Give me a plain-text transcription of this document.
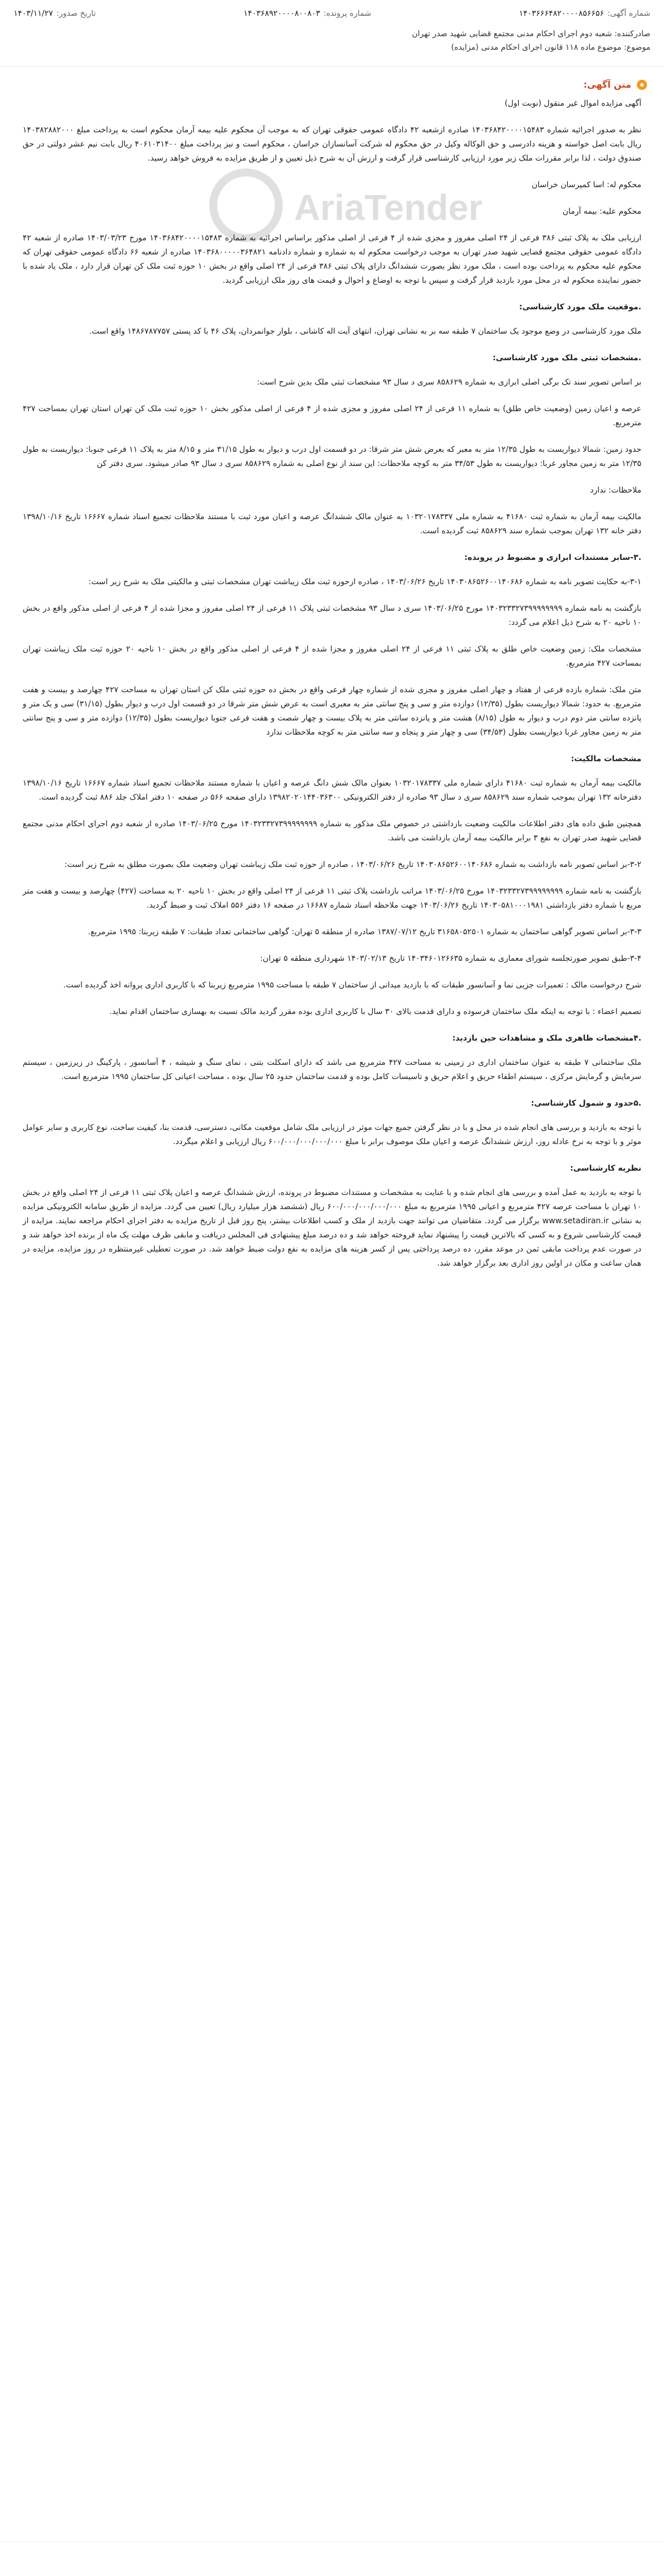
شماره آگهی:
۱۴۰۳۶۶۶۴۸۲۰۰۰۰۸۵۶۶۵۶
شماره پرونده:
۱۴۰۳۶۸۹۲۰۰۰۰۸۰۰۸۰۳
تاریخ صدور:
۱۴۰۳/۱۱/۲۷
صادرکننده: شعبه دوم اجرای احکام مدنی مجتمع قضایی شهید صدر تهران
موضوع: موضوع ماده ۱۱۸ قانون اجرای احکام مدنی (مزایده)
متن آگهی:
AriaTender

آگهی مزایده اموال غیر منقول (نوبت اول)

نظر به صدور اجرائیه شماره ۱۴۰۳۶۸۴۲۰۰۰۰۱۵۴۸۳ صادره ازشعبه ۴۲ دادگاه عمومی حقوقی تهران که به موجب آن محکوم علیه بیمه آرمان محکوم است به پرداخت مبلغ ۱۴۰۳۸۲۸۸۲۰۰۰ ریال بابت اصل خواسته و هزینه دادرسی و حق الوکاله وکیل در حق محکوم له شرکت آسانسازان خراسان ، محکوم است و نیز پرداخت مبلغ ۴۰۶۱۰۳۱۴۰۰ ریال بابت نیم عشر دولتی در حق صندوق دولت ، لذا برابر مقررات ملک زیر مورد ارزیابی کارشناسی قرار گرفت و ارزش آن به شرح ذیل تعیین و از طریق مزایده به فروش خواهد رسید.

محکوم له: اسا کمپرسان خراسان

محکوم علیه: بیمه آرمان

ارزیابی ملک به پلاک ثبتی ۳۸۶ فرعی از ۲۴ اصلی مفروز و مجزی شده از ۴ فرعی از اصلی مذکور براساس اجرائیه به شماره ۱۴۰۳۶۸۴۲۰۰۰۰۱۵۴۸۳ مورخ ۱۴۰۳/۰۳/۲۳ صادره از شعبه ۴۲ دادگاه عمومی حقوقی مجتمع قضایی شهید صدر تهران به موجب درخواست محکوم له به شماره و شماره دادنامه ۱۴۰۳۶۸۰۰۰۰۰۳۶۴۸۲۱ صادره از شعبه ۶۶ دادگاه عمومی حقوقی تهران که محکوم علیه محکوم به پرداخت بوده است ، ملک مورد نظر بصورت ششدانگ دارای پلاک ثبتی ۳۸۶ فرعی از ۲۴ اصلی واقع در بخش ۱۰ حوزه ثبت ملک کن تهران قرار دارد ، ملک یاد شده با حضور نماینده محکوم له در محل مورد بازدید قرار گرفت و سپس با توجه به اوضاع و احوال و قیمت های روز ملک ارزیابی گردید.

.موقعیت ملک مورد کارشناسی:

ملک مورد کارشناسی در وضع موجود یک ساختمان ۷ طبقه سه بر به نشانی تهران، انتهای آیت اله کاشانی ، بلوار جوانمردان، پلاک ۴۶ با کد پستی ۱۴۸۶۷۸۷۷۵۷ واقع است.

.مشخصات ثبتی ملک مورد کارشناسی:

بر اساس تصویر سند تک برگی اصلی ابرازی به شماره ۸۵۸۶۲۹ سری د سال ۹۳ مشخصات ثبتی ملک بدین شرح است:

عرصه و اعیان زمین (وضعیت خاص طلق) به شماره ۱۱ فرعی از ۲۴ اصلی مفروز و مجزی شده از ۴ فرعی از اصلی مذکور بخش ۱۰ حوزه ثبت ملک کن تهران استان تهران بمساحت ۴۲۷ مترمربع.

حدود زمین: شمالا دیواریست به طول ۱۲/۳۵ متر به معبر که بعرض شش متر شرقا: در دو قسمت اول درب و دیوار به طول ۳۱/۱۵ متر و ۸/۱۵ متر به پلاک ۱۱ فرعی جنوبا: دیواریست به طول ۱۲/۳۵ متر به زمین مجاور غربا: دیواریست به طول ۳۴/۵۳ متر به کوچه ملاحظات: این سند از نوع اصلی به شماره ۸۵۸۶۲۹ سری د سال ۹۳ صادر میشود. سری دفتر کن

ملاحظات: ندارد

مالکیت بیمه آرمان به شماره ثبت ۴۱۶۸۰ به شماره ملی ۱۰۳۲۰۱۷۸۳۳۷ به عنوان مالک ششدانگ عرصه و اعیان مورد ثبت با مستند ملاحظات تجمیع اسناد شماره ۱۶۶۶۷ تاریخ ۱۳۹۸/۱۰/۱۶ دفتر خانه ۱۳۲ تهران بموجب شماره سند ۸۵۸۶۲۹ ثبت گردیده است.

.۳-سابر مستندات ابرازی و مضبوط در پرونده:

۳-۱-به حکایت تصویر نامه به شماره ۱۴۰۳۰۸۶۵۲۶۰۰۱۴۰۶۸۶ تاریخ ۱۴۰۳/۰۶/۲۶ ، صادره ازحوزه ثبت ملک زیباشت تهران مشخصات ثبتی و مالکیتی ملک به شرح زیر است:

بازگشت به نامه شماره ۱۴۰۳۲۳۳۲۷۳۹۹۹۹۹۹۹۹ مورخ ۱۴۰۳/۰۶/۲۵ سری د سال ۹۳ مشخصات ثبتی پلاک ۱۱ فرعی از ۲۴ اصلی مفروز و مجزا شده از ۴ فرعی از اصلی مذکور واقع در بخش ۱۰ ناحیه ۲۰ به شرح ذیل اعلام می گردد:

مشخصات ملک: زمین وضعیت خاص طلق به پلاک ثبتی ۱۱ فرعی از ۲۴ اصلی مفروز و مجزا شده از ۴ فرعی از اصلی مذکور واقع در بخش ۱۰ ناحیه ۲۰ حوزه ثبت ملک زیباشت تهران بمساحت ۴۲۷ مترمربع.

متن ملک: شماره بازده فرعی از هفتاد و چهار اصلی مفروز و مجزی شده از شماره چهار فرعی واقع در بخش ده حوزه ثبتی ملک کن استان تهران به مساحت ۴۲۷ چهارصد و بیست و هفت مترمربع. به حدود: شمالا دیواریست بطول (۱۲/۳۵) دوازده متر و سی و پنج سانتی متر به معبری است به عرض شش متر شرقا در دو قسمت اول درب و دیوار بطول (۳۱/۱۵) سی و یک متر و پانزده سانتی متر دوم درب و دیوار به طول (۸/۱۵) هشت متر و پانزده سانتی متر به پلاک بیست و چهار شصت و هفت فرعی جنوبا دیواریست بطول (۱۲/۳۵) دوازده متر و سی و پنج سانتی متر به زمین مجاور غربا دیواریست بطول (۳۴/۵۳) سی و چهار متر و پنجاه و سه سانتی متر به کوچه ملاحظات ندارد

مشخصات مالکیت:

مالکیت بیمه آرمان به شماره ثبت ۴۱۶۸۰ دارای شماره ملی ۱۰۳۲۰۱۷۸۳۳۷ بعنوان مالک شش دانگ عرصه و اعیان با شماره مستند ملاحظات تجمیع اسناد شماره ۱۶۶۶۷ تاریخ ۱۳۹۸/۱۰/۱۶ دفترخانه ۱۳۲ تهران بموجب شماره سند ۸۵۸۶۲۹ سری د سال ۹۳ صادره از دفتر الکترونیکی ۱۳۹۸۲۰۲۰۱۴۴۰۳۶۳۰۰ دارای صفحه ۵۶۶ در صفحه ۱۰ دفتر املاک جلد ۸۸۶ ثبت گردیده است.

همچنین طبق داده های دفتر اطلاعات مالکیت وضعیت بازداشتی در خصوص ملک مذکور به شماره ۱۴۰۳۲۳۳۲۷۳۹۹۹۹۹۹۹۹ مورخ ۱۴۰۳/۰۶/۲۵ صادره از شعبه دوم اجرای احکام مدنی مجتمع قضایی شهید صدر تهران به نفع ۳ برابر مالکیت بیمه آرمان بازداشت می باشد.

۳-۲-بر اساس تصویر نامه بازداشت به شماره ۱۴۰۳۰۸۶۵۲۶۰۰۱۴۰۶۸۶ تاریخ ۱۴۰۳/۰۶/۲۶ ، صادره از حوزه ثبت ملک زیباشت تهران وضعیت ملک بصورت مطلق به شرح زیر است:

بازگشت به نامه شماره ۱۴۰۳۲۳۳۲۷۳۹۹۹۹۹۹۹۹ مورخ ۱۴۰۳/۰۶/۲۵ مراتب بازداشت پلاک ثبتی ۱۱ فرعی از ۲۴ اصلی واقع در بخش ۱۰ ناحیه ۲۰ به مساحت (۴۲۷) چهارصد و بیست و هفت متر مربع با شماره دفتر بازداشتی ۱۴۰۳۰۵۸۱۰۰۰۱۹۸۱ تاریخ ۱۴۰۳/۰۶/۲۶ جهت ملاحظه اسناد شماره ۱۶۶۸۷ در صفحه ۱۶ دفتر ۵۵۶ املاک ثبت و ضبط گردید.

۳-۳-بر اساس تصویر گواهی ساختمان به شماره ۳۱۶۵۸۰۵۲۵۰۱ تاریخ ۱۳۸۷/۰۷/۱۲ صادره از منطقه ۵ تهران: گواهی ساختمانی تعداد طبقات: ۷ طبقه زیربنا: ۱۹۹۵ مترمربع.

۳-۴-طبق تصویر صورتجلسه شورای معماری به شماره ۱۴۰۳۴۶۰۱۲۶۶۳۵ تاریخ ۱۴۰۳/۰۲/۱۳ شهرداری منطقه ۵ تهران:

شرح درخواست مالک : تعمیرات جزیی نما و آسانسور طبقات که با بازدید میدانی از ساختمان ۷ طبقه با مساحت ۱۹۹۵ مترمربع زیربنا که با کاربری اداری پروانه اخذ گردیده است.

تصمیم اعضاء : با توجه به اینکه ملک ساختمان فرسوده و دارای قدمت بالای ۳۰ سال با کاربری اداری بوده مقرر گردید مالک نسبت به بهسازی ساختمان اقدام نماید.

.۴مشخصات ظاهری ملک و مشاهدات حین بازدید:

ملک ساختمانی ۷ طبقه به عنوان ساختمان اداری در زمینی به مساحت ۴۲۷ مترمربع می باشد که دارای اسکلت بتنی ، نمای سنگ و شیشه ، ۴ آسانسور ، پارکینگ در زیرزمین ، سیستم سرمایش و گرمایش مرکزی ، سیستم اطفاء حریق و اعلام حریق و تاسیسات کامل بوده و قدمت ساختمان حدود ۲۵ سال بوده ، مساحت اعیانی کل ساختمان ۱۹۹۵ مترمربع است.

.۵حدود و شمول کارشناسی:

با توجه به بازدید و بررسی های انجام شده در محل و با در نظر گرفتن جمیع جهات موثر در ارزیابی ملک شامل موقعیت مکانی، دسترسی، قدمت بنا، کیفیت ساخت، نوع کاربری و سایر عوامل موثر و با توجه به نرخ عادله روز، ارزش ششدانگ عرصه و اعیان ملک موصوف برابر با مبلغ ۶۰۰/۰۰۰/۰۰۰/۰۰۰/۰۰۰ ریال ارزیابی و اعلام میگردد.

نظریه کارشناسی:

با توجه به بازدید به عمل آمده و بررسی های انجام شده و با عنایت به مشخصات و مستندات مضبوط در پرونده، ارزش ششدانگ عرصه و اعیان پلاک ثبتی ۱۱ فرعی از ۲۴ اصلی واقع در بخش ۱۰ تهران با مساحت عرصه ۴۲۷ مترمربع و اعیانی ۱۹۹۵ مترمربع به مبلغ ۶۰۰/۰۰۰/۰۰۰/۰۰۰/۰۰۰ ریال (ششصد هزار میلیارد ریال) تعیین می گردد. مزایده از طریق سامانه الکترونیکی مزایده به نشانی www.setadiran.ir برگزار می گردد. متقاضیان می توانند جهت بازدید از ملک و کسب اطلاعات بیشتر، پنج روز قبل از تاریخ مزایده به دفتر اجرای احکام مراجعه نمایند. مزایده از قیمت کارشناسی شروع و به کسی که بالاترین قیمت را پیشنهاد نماید فروخته خواهد شد و ده درصد مبلغ پیشنهادی فی المجلس دریافت و مابقی ظرف مهلت یک ماه از برنده اخذ خواهد شد و در صورت عدم پرداخت مابقی ثمن در موعد مقرر، ده درصد پرداختی پس از کسر هزینه های مزایده به نفع دولت ضبط خواهد شد. در صورت تعطیلی غیرمنتظره در روز مزایده، مزایده در همان ساعت و مکان در اولین روز اداری بعد برگزار خواهد شد.
